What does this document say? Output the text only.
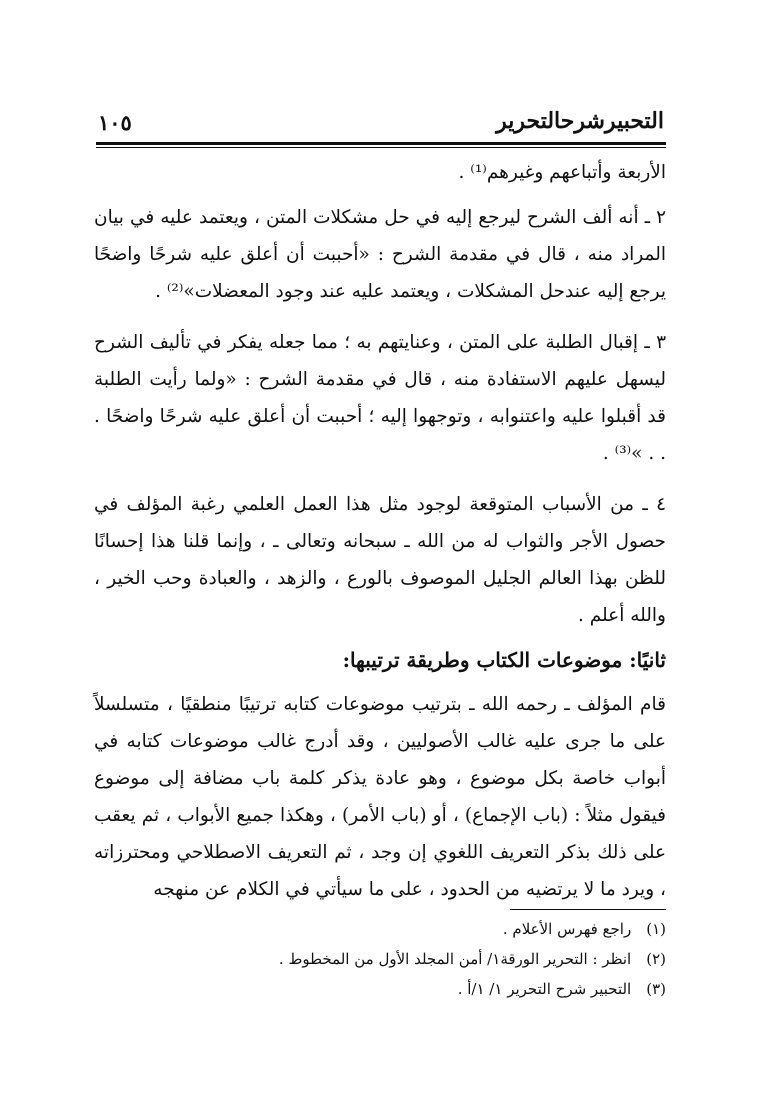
١٠٥	التحبيرشرحالتحرير

الأربعة وأتباعهم وغيرهم⁽¹⁾ .

٢ ـ أنه ألف الشرح ليرجع إليه في حل مشكلات المتن ، ويعتمد عليه في بيان المراد منه ، قال في مقدمة الشرح : «أحببت أن أعلق عليه شرحًا واضحًا يرجع إليه عندحل المشكلات ، ويعتمد عليه عند وجود المعضلات»⁽²⁾ .

٣ ـ إقبال الطلبة على المتن ، وعنايتهم به ؛ مما جعله يفكر في تأليف الشرح ليسهل عليهم الاستفادة منه ، قال في مقدمة الشرح : «ولما رأيت الطلبة قد أقبلوا عليه واعتنوابه ، وتوجهوا إليه ؛ أحببت أن أعلق عليه شرحًا واضحًا . . . »⁽³⁾ .

٤ ـ من الأسباب المتوقعة لوجود مثل هذا العمل العلمي رغبة المؤلف في حصول الأجر والثواب له من الله ـ سبحانه وتعالى ـ ، وإنما قلنا هذا إحسانًا للظن بهذا العالم الجليل الموصوف بالورع ، والزهد ، والعبادة وحب الخير ، والله أعلم .

ثانيًا: موضوعات الكتاب وطريقة ترتيبها:

قام المؤلف ـ رحمه الله ـ بترتيب موضوعات كتابه ترتيبًا منطقيًا ، متسلسلاً على ما جرى عليه غالب الأصوليين ، وقد أدرج غالب موضوعات كتابه في أبواب خاصة بكل موضوع ، وهو عادة يذكر كلمة باب مضافة إلى موضوع فيقول مثلاً : (باب الإجماع) ، أو (باب الأمر) ، وهكذا جميع الأبواب ، ثم يعقب على ذلك بذكر التعريف اللغوي إن وجد ، ثم التعريف الاصطلاحي ومحترزاته ، ويرد ما لا يرتضيه من الحدود ، على ما سيأتي في الكلام عن منهجه

(١) راجع فهرس الأعلام .
(٢) انظر : التحرير الورقة١/ أمن المجلد الأول من المخطوط .
(٣) التحبير شرح التحرير ١/ ١/أ .
